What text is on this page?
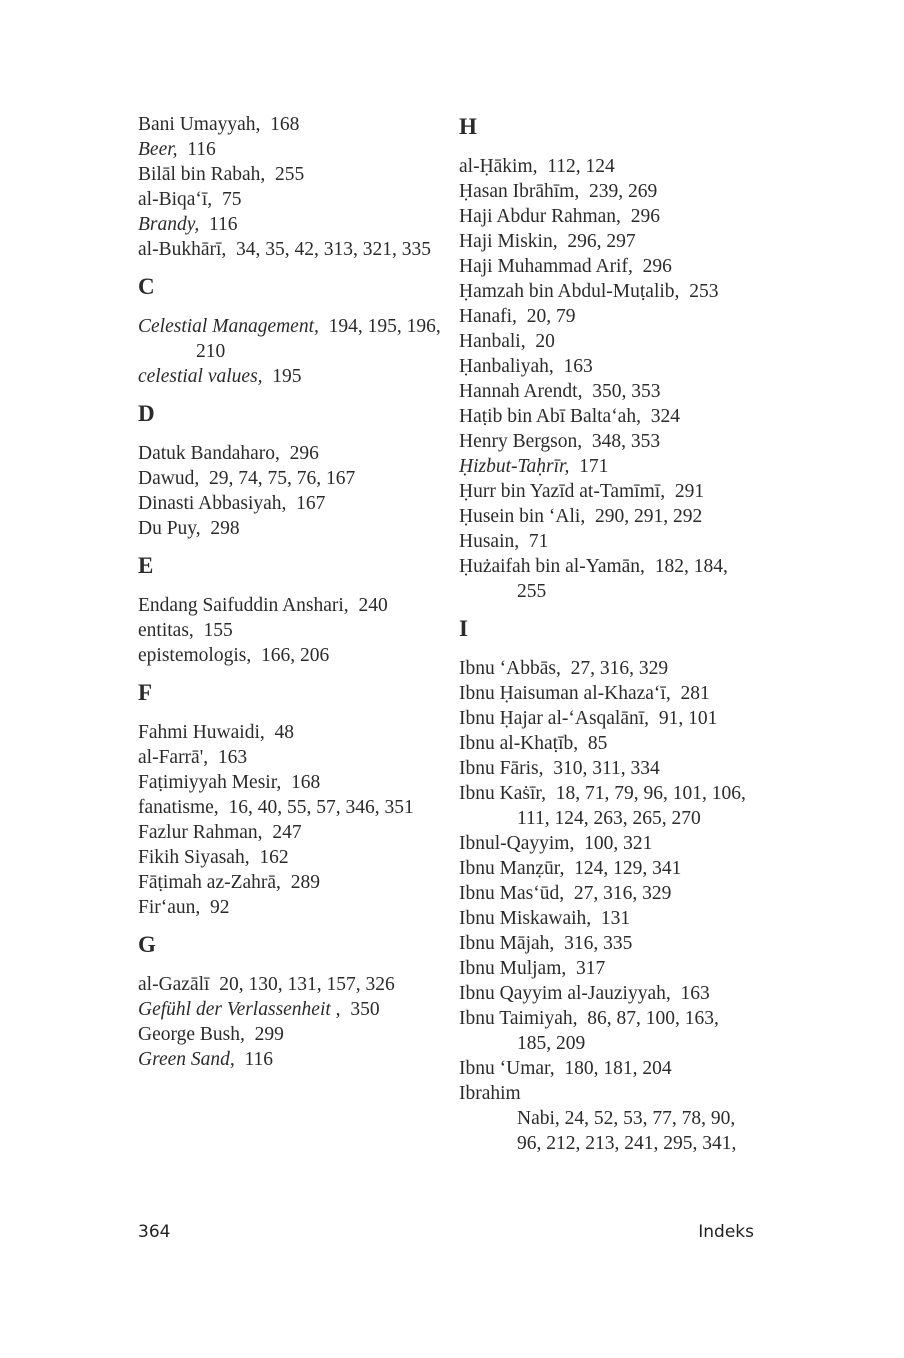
Bani Umayyah, 168
Beer, 116
Bilāl bin Rabah, 255
al-Biqa‘ī, 75
Brandy, 116
al-Bukhārī, 34, 35, 42, 313, 321, 335
C
Celestial Management, 194, 195, 196,
210
celestial values, 195
D
Datuk Bandaharo, 296
Dawud, 29, 74, 75, 76, 167
Dinasti Abbasiyah, 167
Du Puy, 298
E
Endang Saifuddin Anshari, 240
entitas, 155
epistemologis, 166, 206
F
Fahmi Huwaidi, 48
al-Farrā', 163
Faṭimiyyah Mesir, 168
fanatisme, 16, 40, 55, 57, 346, 351
Fazlur Rahman, 247
Fikih Siyasah, 162
Fāṭimah az-Zahrā, 289
Fir‘aun, 92
G
al-Gazālī 20, 130, 131, 157, 326
Gefühl der Verlassenheit , 350
George Bush, 299
Green Sand, 116
H
al-Ḥākim, 112, 124
Ḥasan Ibrāhīm, 239, 269
Haji Abdur Rahman, 296
Haji Miskin, 296, 297
Haji Muhammad Arif, 296
Ḥamzah bin Abdul-Muṭalib, 253
Hanafi, 20, 79
Hanbali, 20
Ḥanbaliyah, 163
Hannah Arendt, 350, 353
Haṭib bin Abī Balta‘ah, 324
Henry Bergson, 348, 353
Ḥizbut-Taḥrīr, 171
Ḥurr bin Yazīd at-Tamīmī, 291
Ḥusein bin ‘Ali, 290, 291, 292
Husain, 71
Ḥużaifah bin al-Yamān, 182, 184,
255
I
Ibnu ‘Abbās, 27, 316, 329
Ibnu Ḥaisuman al-Khaza‘ī, 281
Ibnu Ḥajar al-‘Asqalānī, 91, 101
Ibnu al-Khaṭīb, 85
Ibnu Fāris, 310, 311, 334
Ibnu Kaṡīr, 18, 71, 79, 96, 101, 106,
111, 124, 263, 265, 270
Ibnul-Qayyim, 100, 321
Ibnu Manẓūr, 124, 129, 341
Ibnu Mas‘ūd, 27, 316, 329
Ibnu Miskawaih, 131
Ibnu Mājah, 316, 335
Ibnu Muljam, 317
Ibnu Qayyim al-Jauziyyah, 163
Ibnu Taimiyah, 86, 87, 100, 163,
185, 209
Ibnu ‘Umar, 180, 181, 204
Ibrahim
Nabi, 24, 52, 53, 77, 78, 90,
96, 212, 213, 241, 295, 341,
364	Indeks
